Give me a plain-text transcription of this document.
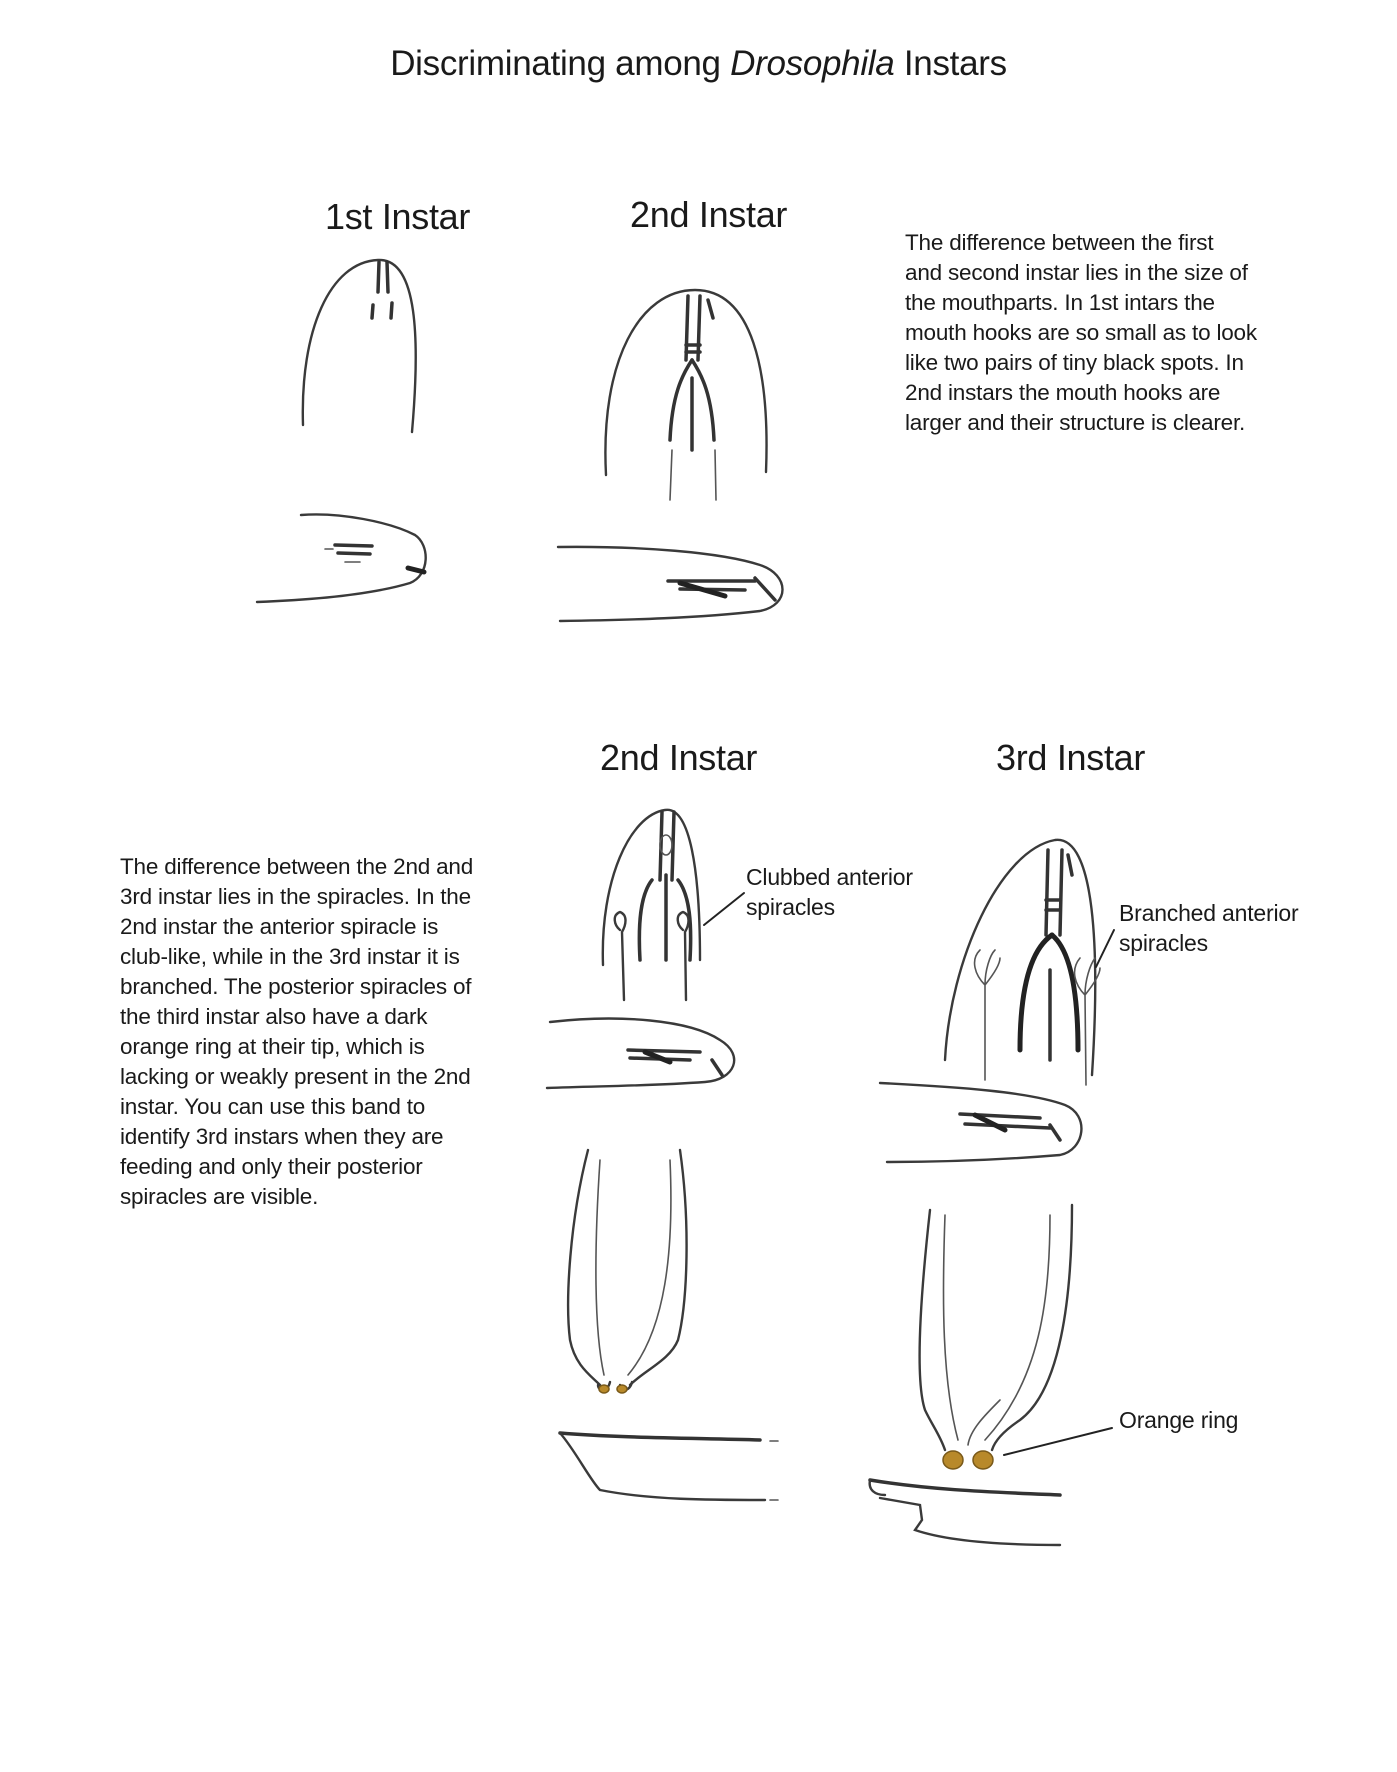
Discriminating among Drosophila Instars
1st Instar	2nd Instar
The difference between the first
and second instar lies in the size of
the mouthparts. In 1st intars the
mouth hooks are so small as to look
like two pairs of tiny black spots. In
2nd instars the mouth hooks are
larger and their structure is clearer.
2nd Instar	3rd Instar
The difference between the 2nd and
3rd instar lies in the spiracles. In the
2nd instar the anterior spiracle is
club-like, while in the 3rd instar it is
branched. The posterior spiracles of
the third instar also have a dark
orange ring at their tip, which is
lacking or weakly present in the 2nd
instar. You can use this band to
identify 3rd instars when they are
feeding and only their posterior
spiracles are visible.
Clubbed anterior
spiracles	Branched anterior
spiracles
Orange ring
